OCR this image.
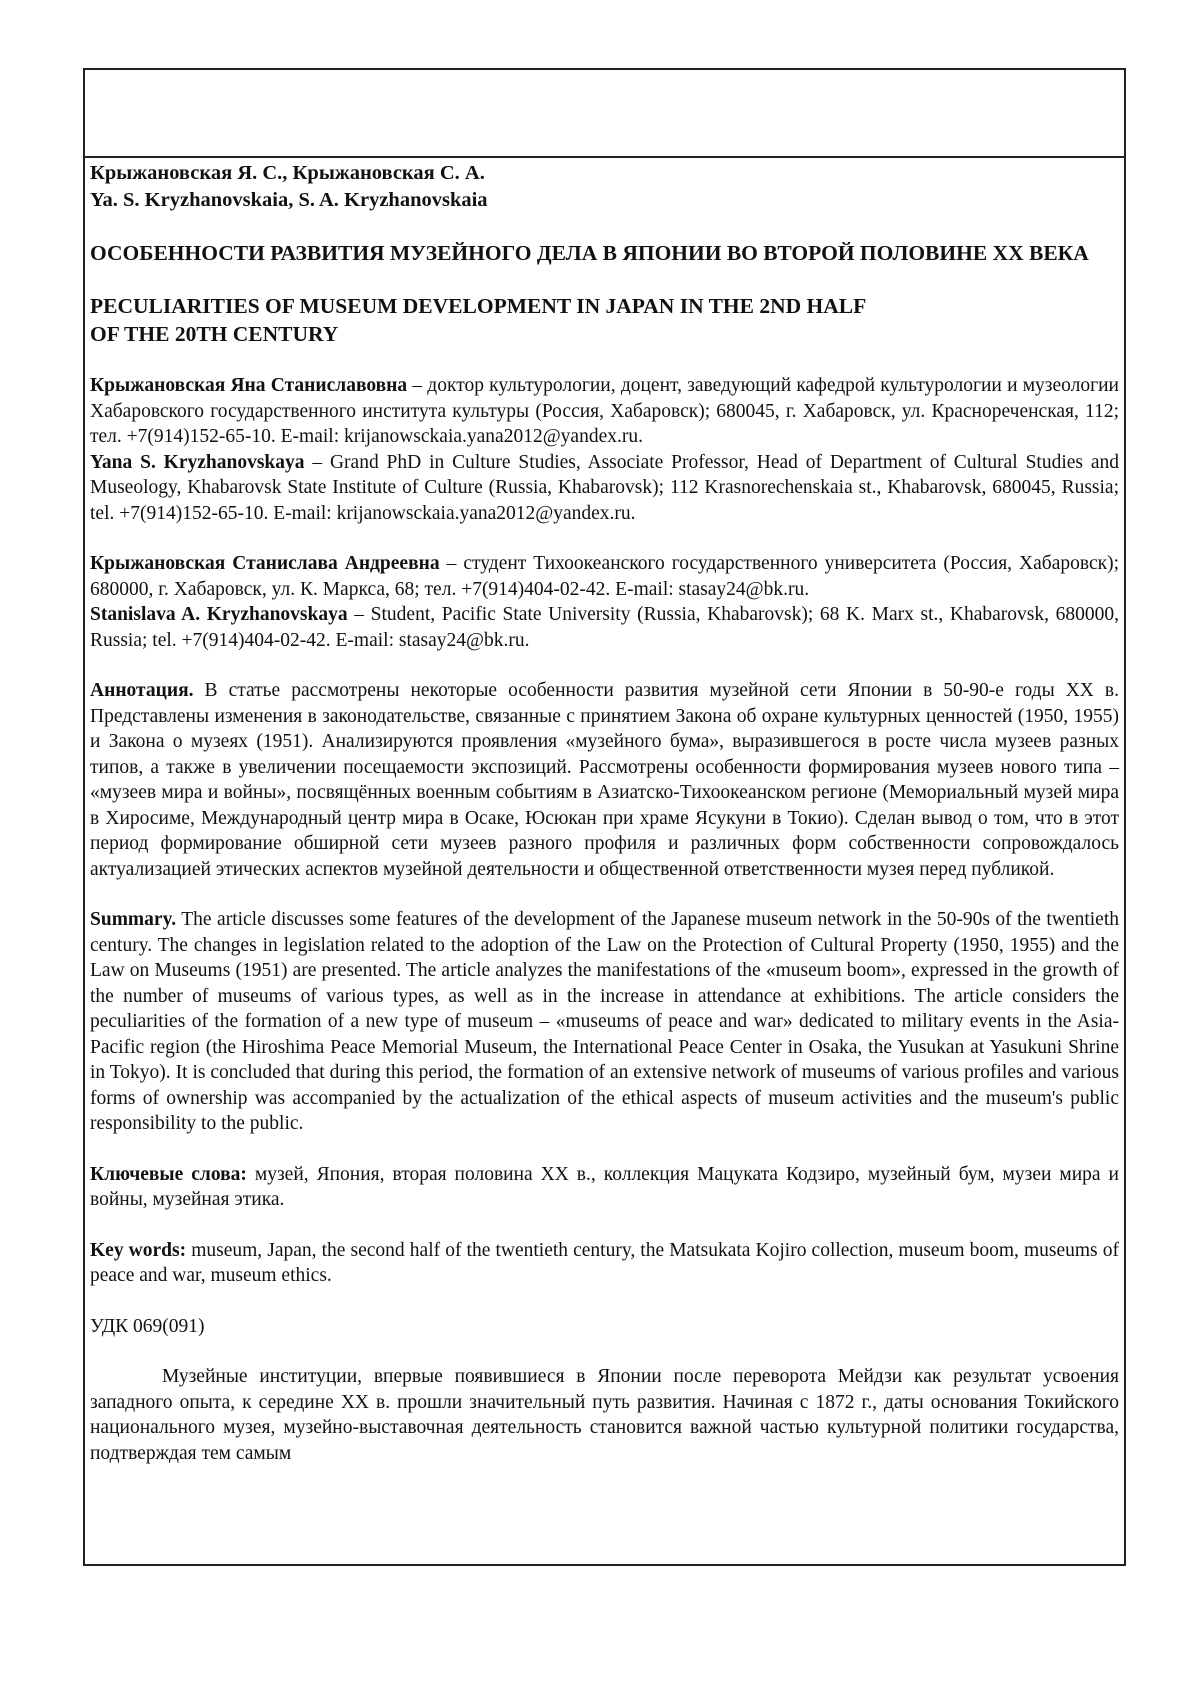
Крыжановская Я. С., Крыжановская С. А.
Ya. S. Kryzhanovskaia, S. A. Kryzhanovskaia
ОСОБЕННОСТИ РАЗВИТИЯ МУЗЕЙНОГО ДЕЛА В ЯПОНИИ ВО ВТОРОЙ ПОЛОВИНЕ XX ВЕКА
PECULIARITIES OF MUSEUM DEVELOPMENT IN JAPAN IN THE 2ND HALF
OF THE 20TH CENTURY

Крыжановская Яна Станиславовна – доктор культурологии, доцент, заведующий кафедрой культурологии и музеологии Хабаровского государственного института культуры (Россия, Хабаровск); 680045, г. Хабаровск, ул. Краснореченская, 112; тел. +7(914)152-65-10. E-mail: krijanowsckaia.yana2012@yandex.ru.

Yana S. Kryzhanovskaya – Grand PhD in Culture Studies, Associate Professor, Head of Department of Cultural Studies and Museology, Khabarovsk State Institute of Culture (Russia, Khabarovsk); 112 Krasnorechenskaia st., Khabarovsk, 680045, Russia; tel. +7(914)152-65-10. E-mail: krijanowsckaia.yana2012@yandex.ru.

Крыжановская Станислава Андреевна – студент Тихоокеанского государственного университета (Россия, Хабаровск); 680000, г. Хабаровск, ул. К. Маркса, 68; тел. +7(914)404-02-42. E-mail: stasay24@bk.ru.

Stanislava A. Kryzhanovskaya – Student, Pacific State University (Russia, Khabarovsk); 68 K. Marx st., Khabarovsk, 680000, Russia; tel. +7(914)404-02-42. E-mail: stasay24@bk.ru.

Аннотация. В статье рассмотрены некоторые особенности развития музейной сети Японии в 50-90-е годы XX в. Представлены изменения в законодательстве, связанные с принятием Закона об охране культурных ценностей (1950, 1955) и Закона о музеях (1951). Анализируются проявления «музейного бума», выразившегося в росте числа музеев разных типов, а также в увеличении посещаемости экспозиций. Рассмотрены особенности формирования музеев нового типа – «музеев мира и войны», посвящённых военным событиям в Азиатско-Тихоокеанском регионе (Мемориальный музей мира в Хиросиме, Международный центр мира в Осаке, Юсюкан при храме Ясукуни в Токио). Сделан вывод о том, что в этот период формирование обширной сети музеев разного профиля и различных форм собственности сопровождалось актуализацией этических аспектов музейной деятельности и общественной ответственности музея перед публикой.

Summary. The article discusses some features of the development of the Japanese museum network in the 50-90s of the twentieth century. The changes in legislation related to the adoption of the Law on the Protection of Cultural Property (1950, 1955) and the Law on Museums (1951) are presented. The article analyzes the manifestations of the «museum boom», expressed in the growth of the number of museums of various types, as well as in the increase in attendance at exhibitions. The article considers the peculiarities of the formation of a new type of museum – «museums of peace and war» dedicated to military events in the Asia-Pacific region (the Hiroshima Peace Memorial Museum, the International Peace Center in Osaka, the Yusukan at Yasukuni Shrine in Tokyo). It is concluded that during this period, the formation of an extensive network of museums of various profiles and various forms of ownership was accompanied by the actualization of the ethical aspects of museum activities and the museum's public responsibility to the public.

Ключевые слова: музей, Япония, вторая половина XX в., коллекция Мацуката Кодзиро, музейный бум, музеи мира и войны, музейная этика.

Key words: museum, Japan, the second half of the twentieth century, the Matsukata Kojiro collection, museum boom, museums of peace and war, museum ethics.

УДК 069(091)

Музейные институции, впервые появившиеся в Японии после переворота Мейдзи как результат усвоения западного опыта, к середине XX в. прошли значительный путь развития. Начиная с 1872 г., даты основания Токийского национального музея, музейно-выставочная деятельность становится важной частью культурной политики государства, подтверждая тем самым
